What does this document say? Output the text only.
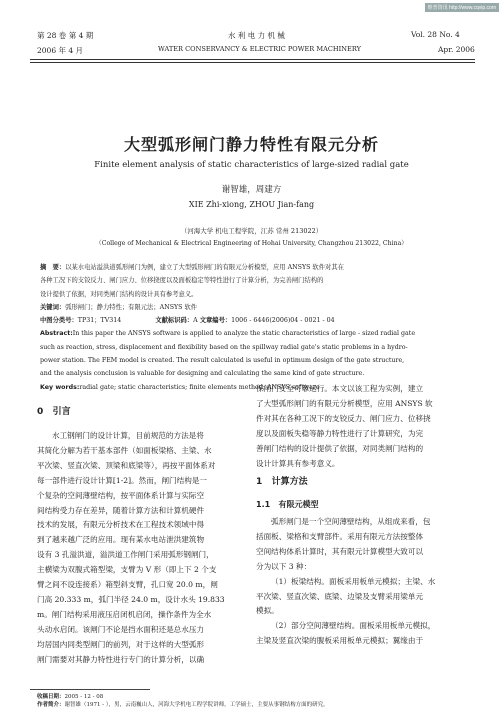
维普资讯 http://www.cqvip.com
第 28 卷 第 4 期	水 利 电 力 机 械	Vol. 28 No. 4
2006 年 4 月	WATER CONSERVANCY & ELECTRIC POWER MACHINERY	Apr. 2006
大型弧形闸门静力特性有限元分析
Finite element analysis of static characteristics of large-sized radial gate
谢智雄，周建方
XIE Zhi-xiong, ZHOU Jian-fang
（河海大学 机电工程学院，江苏 常州 213022）
（College of Mechanical & Electrical Engineering of Hohai University, Changzhou 213022, China）
摘　要：以某水电站溢洪道弧形闸门为例，建立了大型弧形闸门的有限元分析模型，应用 ANSYS 软件对其在
各种工况下的支铰反力、闸门应力、位移挠度以及面板稳定等特性进行了计算分析，为完善闸门结构的
设计提供了依据，对同类闸门结构的设计具有参考意义。
关键词：弧形闸门；静力特性；有限元法；ANSYS 软件
中图分类号：TP31；TV314	文献标识码：A 文章编号：1006 - 6446(2006)04 - 0021 - 04
Abstract:In this paper the ANSYS software is applied to analyze the static characteristics of large - sized radial gate
such as reaction, stress, displacement and flexibility based on the spillway radial gate's static problems in a hydro-
power station. The FEM model is created. The result calculated is useful in optimum design of the gate structure,
and the analysis conclusion is valuable for designing and calculating the same kind of gate structure.
Key words:radial gate; static characteristics; finite elements method; ANSYS software
0 引言

水工钢闸门的设计计算，目前规范的方法是将

其简化分解为若干基本部件（如面板梁格、主梁、水

平次梁、竖直次梁、顶梁和底梁等），再按平面体系对

每一部件进行设计计算[1-2]。然而，闸门结构是一

个复杂的空间薄壁结构，按平面体系计算与实际空

间结构受力存在差异，随着计算方法和计算机硬件

技术的发展，有限元分析技术在工程技术领域中得

到了越来越广泛的应用。现有某水电站泄洪建筑物

设有 3 孔溢洪道，溢洪道工作闸门采用弧形钢闸门，

主横梁为双腹式箱型梁，支臂为 V 形（即上下 2 个支

臂之间不设连接系）箱型斜支臂，孔口宽 20.0 m，闸

门高 20.333 m，弧门半径 24.0 m，设计水头 19.833

m。闸门结构采用液压启闭机启闭，操作条件为全水

头动水启闭。该闸门不论是挡水面积还是总水压力

均居国内同类型闸门的前列，对于这样的大型弧形

闸门需要对其静力特性进行专门的计算分析，以确

保闸门安全可靠运行。本文以该工程为实例，建立

了大型弧形闸门的有限元分析模型，应用 ANSYS 软

件对其在各种工况下的支铰反力、闸门应力、位移挠

度以及面板失稳等静力特性进行了计算研究，为完

善闸门结构的设计提供了依据，对同类闸门结构的

设计计算具有参考意义。

1 计算方法
1.1 有限元模型

弧形闸门是一个空间薄壁结构，从组成来看，包

括面板、梁格和支臂部件。采用有限元方法按整体

空间结构体系计算时，其有限元计算模型大致可以

分为以下 3 种：

（1）板梁结构。面板采用板单元模拟；主梁、水

平次梁、竖直次梁、底梁、边梁及支臂采用梁单元

模拟。

（2）部分空间薄壁结构。面板采用板单元模拟，

主梁及竖直次梁的腹板采用板单元模拟；翼缘由于

收稿日期：2005 - 12 - 08
作者简介：谢智雄（1971 - ），男，云南巍山人，河海大学机电工程学院讲师，工学硕士，主要从事钢结构方面的研究。
